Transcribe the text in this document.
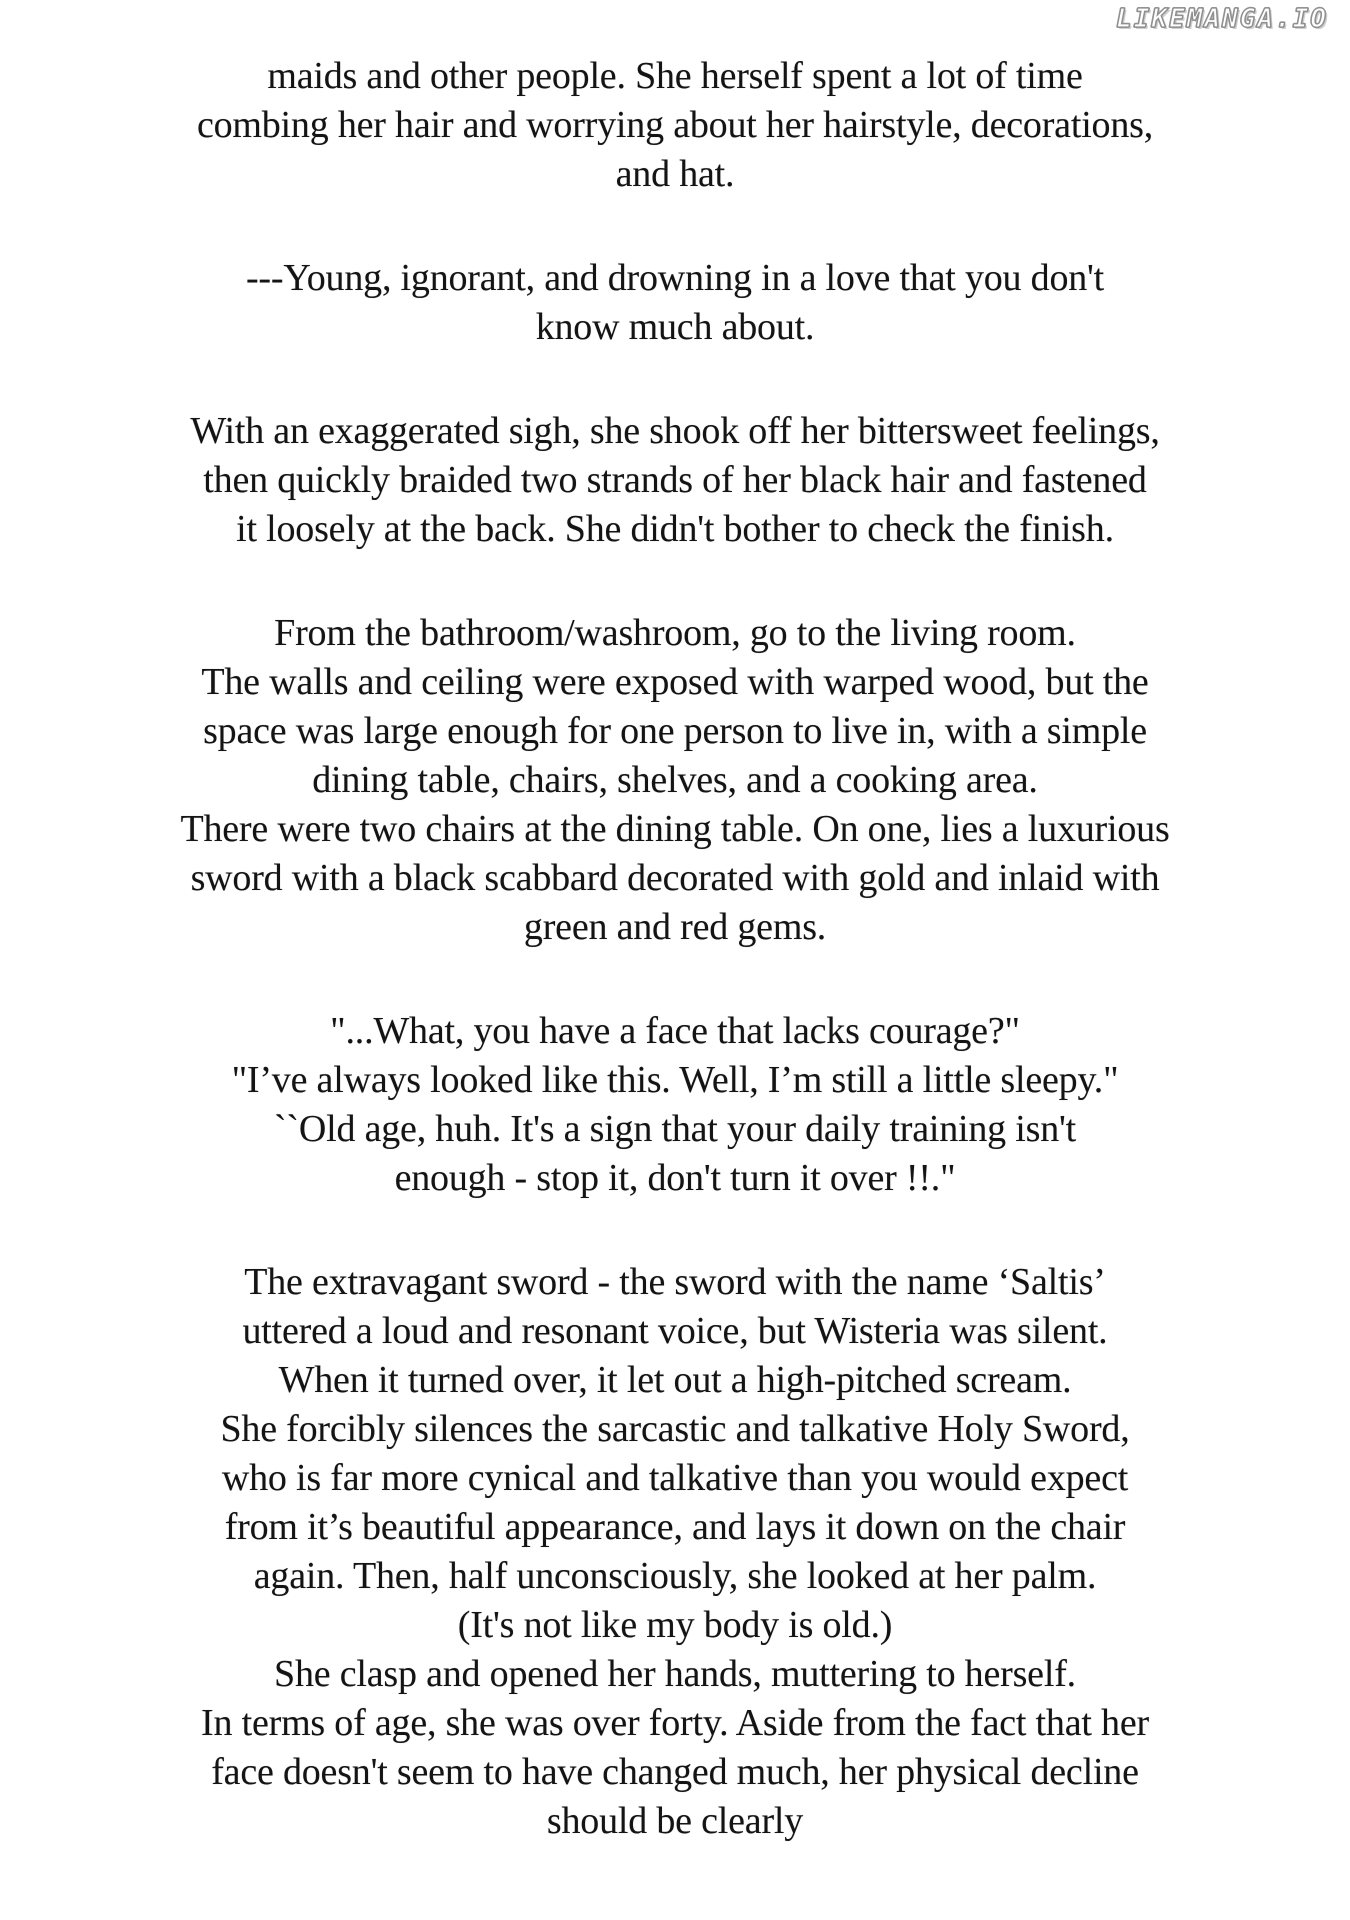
LIKEMANGA.IO
maids and other people. She herself spent a lot of time
combing her hair and worrying about her hairstyle, decorations,
and hat.
---Young, ignorant, and drowning in a love that you don't
know much about.
With an exaggerated sigh, she shook off her bittersweet feelings,
then quickly braided two strands of her black hair and fastened
it loosely at the back. She didn't bother to check the finish.
From the bathroom/washroom, go to the living room.
The walls and ceiling were exposed with warped wood, but the
space was large enough for one person to live in, with a simple
dining table, chairs, shelves, and a cooking area.
There were two chairs at the dining table. On one, lies a luxurious
sword with a black scabbard decorated with gold and inlaid with
green and red gems.
"...What, you have a face that lacks courage?"
"I’ve always looked like this. Well, I’m still a little sleepy."
``Old age, huh. It's a sign that your daily training isn't
enough - stop it, don't turn it over !!."
The extravagant sword - the sword with the name ‘Saltis’
uttered a loud and resonant voice, but Wisteria was silent.
When it turned over, it let out a high-pitched scream.
She forcibly silences the sarcastic and talkative Holy Sword,
who is far more cynical and talkative than you would expect
from it’s beautiful appearance, and lays it down on the chair
again. Then, half unconsciously, she looked at her palm.
(It's not like my body is old.)
She clasp and opened her hands, muttering to herself.
In terms of age, she was over forty. Aside from the fact that her
face doesn't seem to have changed much, her physical decline
should be clearly
